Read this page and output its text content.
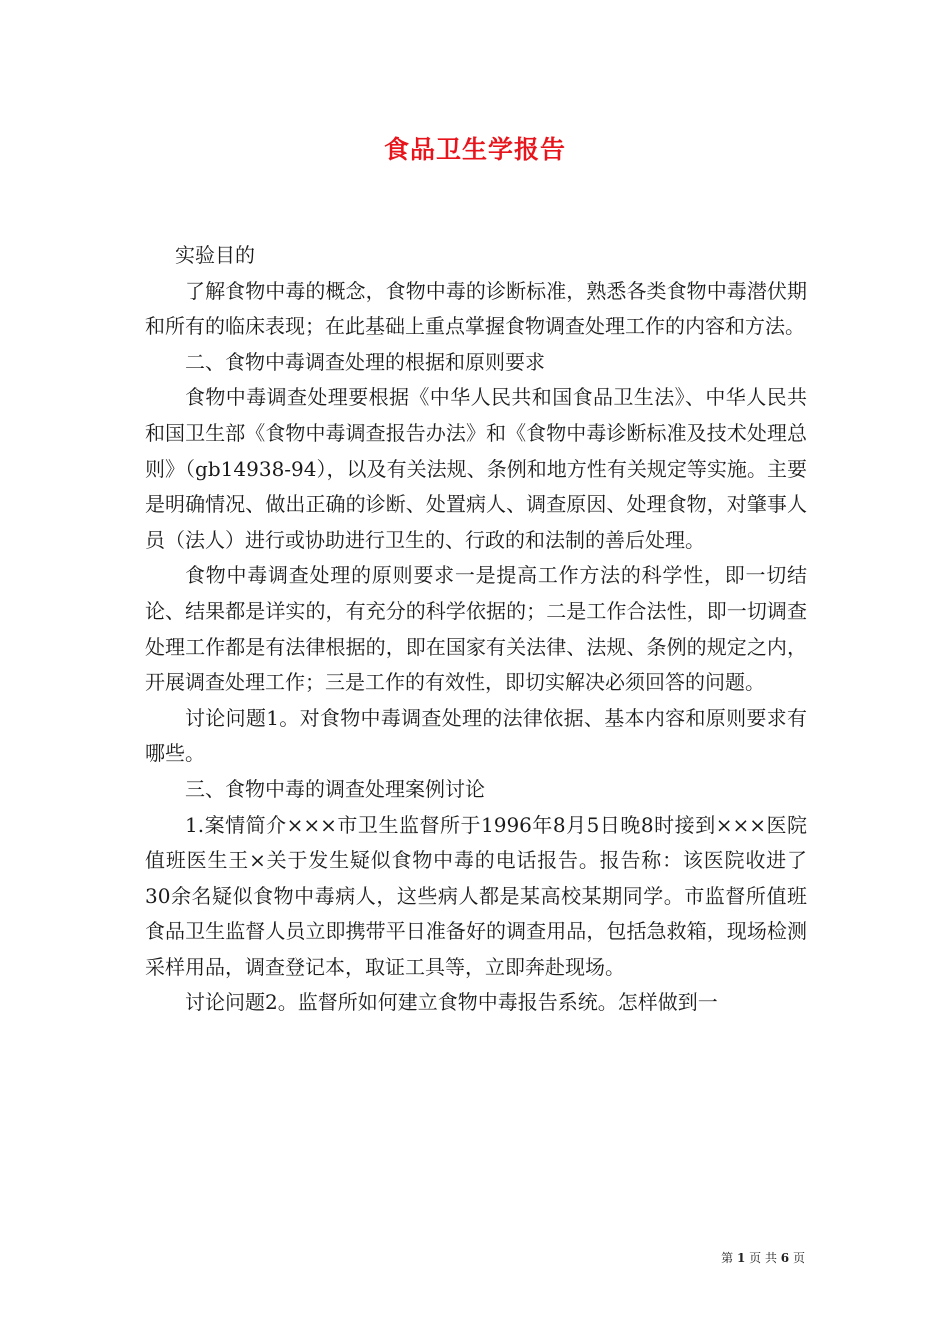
食品卫生学报告

实验目的

了解食物中毒的概念，食物中毒的诊断标准，熟悉各类食物中毒潜伏期和所有的临床表现；在此基础上重点掌握食物调查处理工作的内容和方法。

二、食物中毒调查处理的根据和原则要求

食物中毒调查处理要根据《中华人民共和国食品卫生法》、中华人民共和国卫生部《食物中毒调查报告办法》和《食物中毒诊断标准及技术处理总则》（gb14938-94），以及有关法规、条例和地方性有关规定等实施。主要是明确情况、做出正确的诊断、处置病人、调查原因、处理食物，对肇事人员（法人）进行或协助进行卫生的、行政的和法制的善后处理。

食物中毒调查处理的原则要求一是提高工作方法的科学性，即一切结论、结果都是详实的，有充分的科学依据的；二是工作合法性，即一切调查处理工作都是有法律根据的，即在国家有关法律、法规、条例的规定之内，开展调查处理工作；三是工作的有效性，即切实解决必须回答的问题。

讨论问题1。对食物中毒调查处理的法律依据、基本内容和原则要求有哪些。

三、食物中毒的调查处理案例讨论

1.案情简介×××市卫生监督所于1996年8月5日晚8时接到×××医院值班医生王×关于发生疑似食物中毒的电话报告。报告称：该医院收进了30余名疑似食物中毒病人，这些病人都是某高校某期同学。市监督所值班食品卫生监督人员立即携带平日准备好的调查用品，包括急救箱，现场检测采样用品，调查登记本，取证工具等，立即奔赴现场。

讨论问题2。监督所如何建立食物中毒报告系统。怎样做到一

第 1 页 共 6 页
